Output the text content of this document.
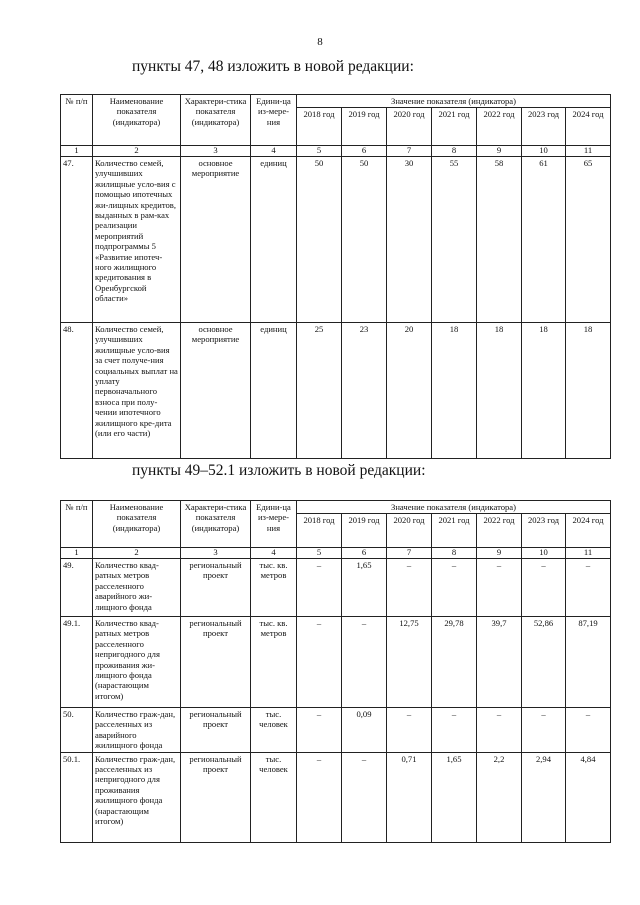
8
пункты 47, 48 изложить в новой редакции:
пункты 49–52.1 изложить в новой редакции:
№ п/п	Наименование показателя (индикатора)	Характери-стика показателя (индикатора)	Едини-ца из-мере-ния	Значение показателя (индикатора)						
				2018 год	2019 год	2020 год	2021 год	2022 год	2023 год	2024 год
1	2	3	4	5	6	7	8	9	10	11
47.	Количество семей, улучшивших жилищные усло-вия с помощью ипотечных жи-лищных кредитов, выданных в рам-ках реализации мероприятий подпрограммы 5 «Развитие ипотеч-ного жилищного кредитования в Оренбургской области»	основное мероприятие	единиц	50	50	30	55	58	61	65
48.	Количество семей, улучшивших жилищные усло-вия за счет получе-ния социальных выплат на уплату первоначального взноса при полу-чении ипотечного жилищного кре-дита (или его части)	основное мероприятие	единиц	25	23	20	18	18	18	18
№ п/п	Наименование показателя (индикатора)	Характери-стика показателя (индикатора)	Едини-ца из-мере-ния	Значение показателя (индикатора)						
				2018 год	2019 год	2020 год	2021 год	2022 год	2023 год	2024 год
1	2	3	4	5	6	7	8	9	10	11
49.	Количество квад-ратных метров расселенного аварийного жи-лищного фонда	региональный проект	тыс. кв. метров	–	1,65	–	–	–	–	–
49.1.	Количество квад-ратных метров расселенного непригодного для проживания жи-лищного фонда (нарастающим итогом)	региональный проект	тыс. кв. метров	–	–	12,75	29,78	39,7	52,86	87,19
50.	Количество граж-дан, расселенных из аварийного жилищного фонда	региональный проект	тыс. человек	–	0,09	–	–	–	–	–
50.1.	Количество граж-дан, расселенных из непригодного для проживания жилищного фонда (нарастающим итогом)	региональный проект	тыс. человек	–	–	0,71	1,65	2,2	2,94	4,84
